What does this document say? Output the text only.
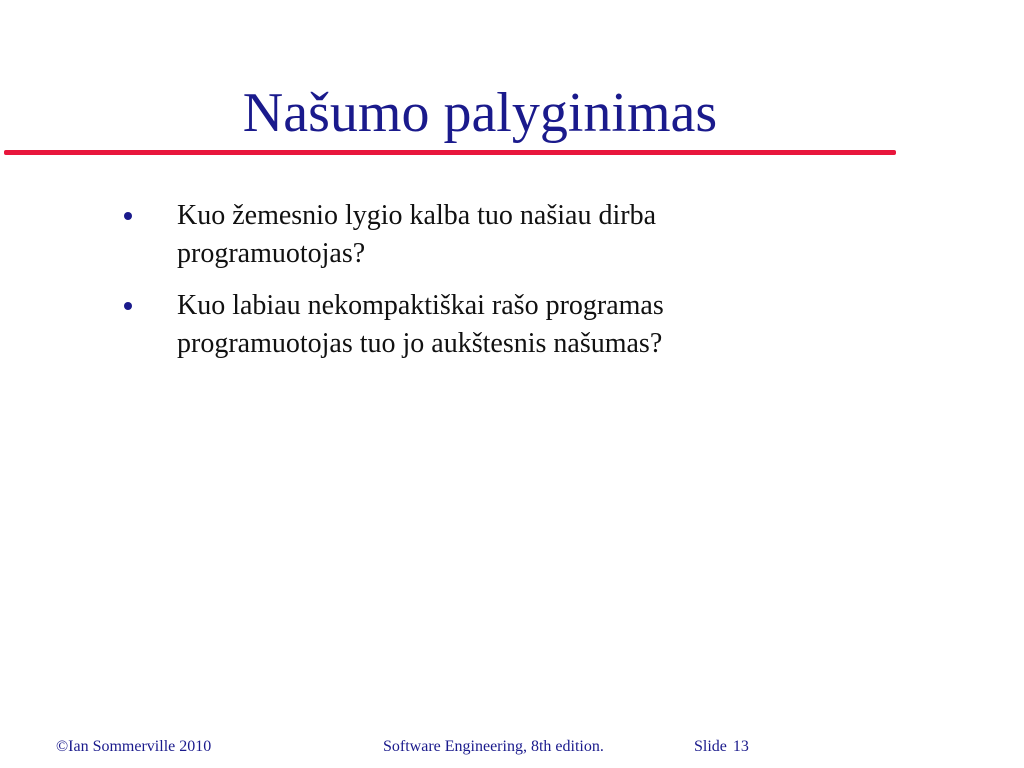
Našumo palyginimas
Kuo žemesnio lygio kalba tuo našiau dirba programuotojas?
Kuo labiau nekompaktiškai rašo programas programuotojas tuo jo aukštesnis našumas?
©Ian Sommerville 2010	Software Engineering, 8th edition.	Slide 13
